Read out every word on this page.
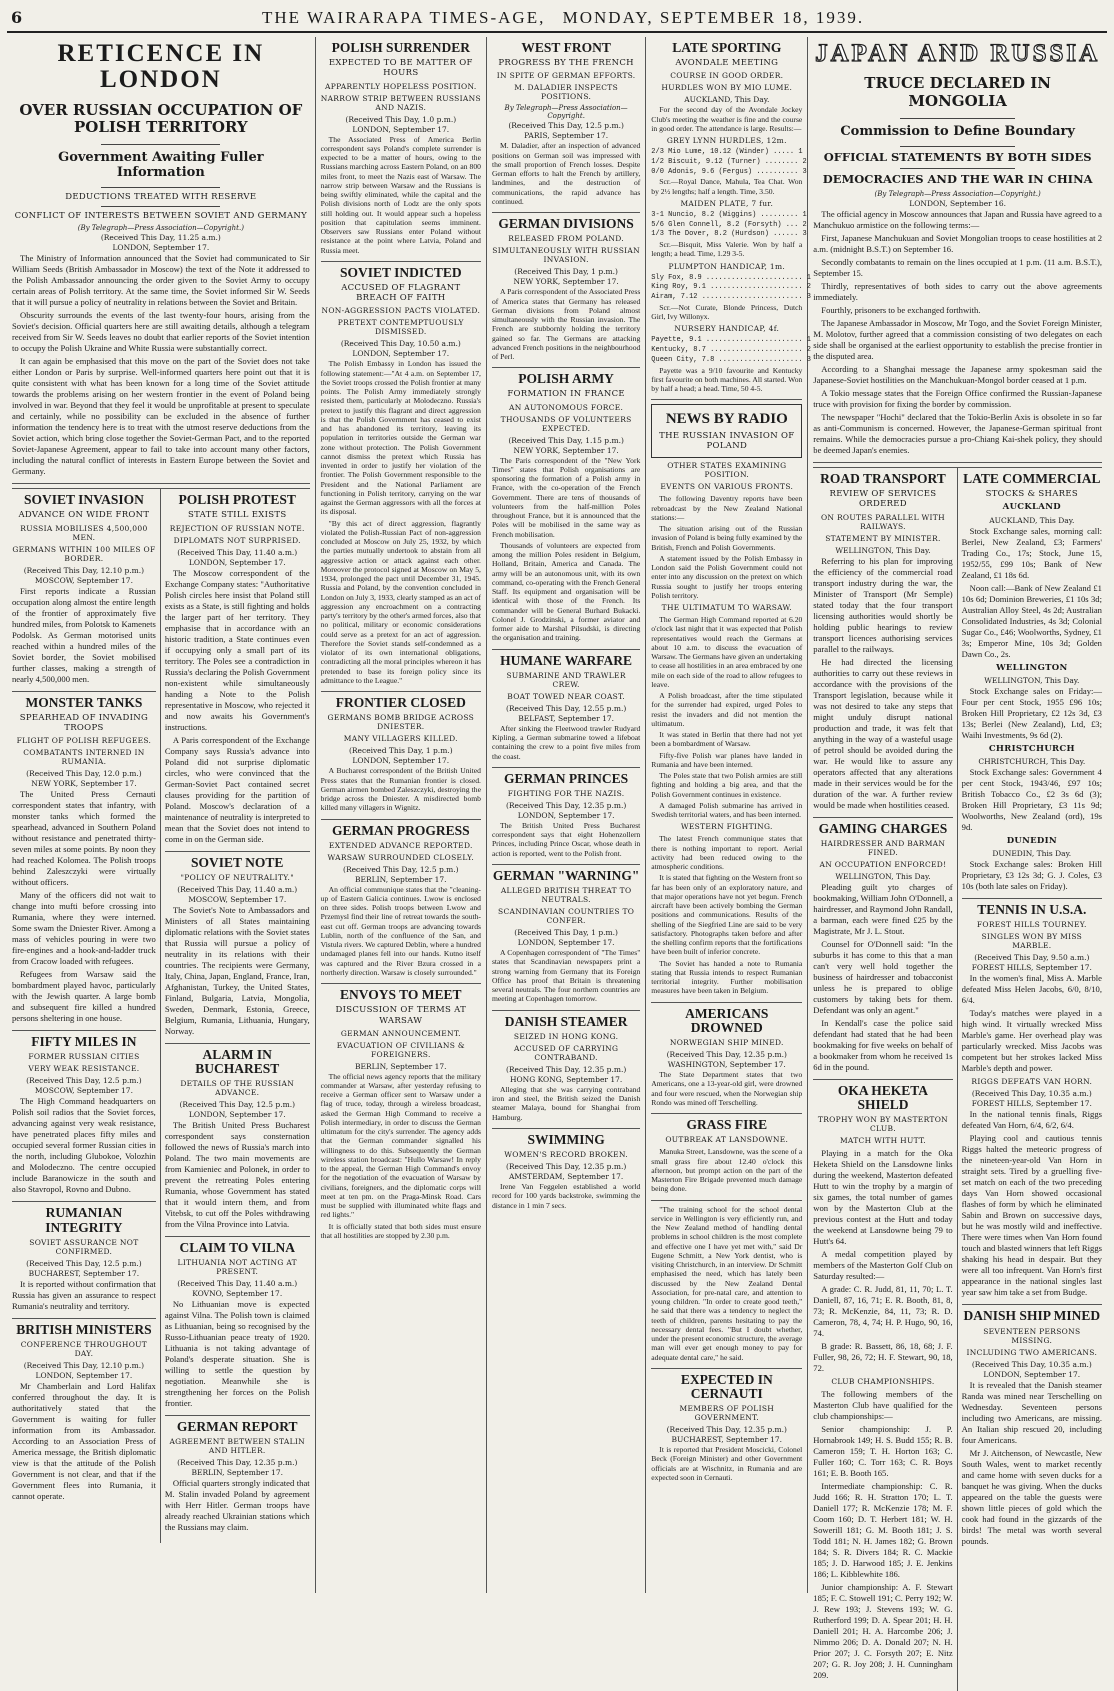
6	THE WAIRARAPA TIMES-AGE, MONDAY, SEPTEMBER 18, 1939.
RETICENCE IN LONDON
OVER RUSSIAN OCCUPATION OF POLISH TERRITORY
Government Awaiting Fuller Information
DEDUCTIONS TREATED WITH RESERVE
CONFLICT OF INTERESTS BETWEEN SOVIET AND GERMANY
(By Telegraph—Press Association—Copyright.)
(Received This Day, 11.25 a.m.)
LONDON, September 17.

The Ministry of Information announced that the Soviet had communicated to Sir William Seeds (British Ambassador in Moscow) the text of the Note it addressed to the Polish Ambassador announcing the order given to the Soviet Army to occupy certain areas of Polish territory. At the same time, the Soviet informed Sir W. Seeds that it will pursue a policy of neutrality in relations between the Soviet and Britain.

Obscurity surrounds the events of the last twenty-four hours, arising from the Soviet's decision. Official quarters here are still awaiting details, although a telegram received from Sir W. Seeds leaves no doubt that earlier reports of the Soviet intention to occupy the Polish Ukraine and White Russia were substantially correct.

It can again be emphasised that this move on the part of the Soviet does not take either London or Paris by surprise. Well-informed quarters here point out that it is quite consistent with what has been known for a long time of the Soviet attitude towards the problems arising on her western frontier in the event of Poland being involved in war. Beyond that they feel it would be unprofitable at present to speculate and certainly, while no possibility can be excluded in the absence of further information the tendency here is to treat with the utmost reserve deductions from the Soviet action, which bring close together the Soviet-German Pact, and to the reported Soviet-Japanese Agreement, appear to fail to take into account many other factors, including the natural conflict of interests in Eastern Europe between the Soviet and Germany.

SOVIET INVASION
ADVANCE ON WIDE FRONT
RUSSIA MOBILISES 4,500,000 MEN.
GERMANS WITHIN 100 MILES OF BORDER.
(Received This Day, 12.10 p.m.)
MOSCOW, September 17.

First reports indicate a Russian occupation along almost the entire length of the frontier of approximately five hundred miles, from Polotsk to Kamenets Podolsk. As German motorised units reached within a hundred miles of the Soviet border, the Soviet mobilised further classes, making a strength of nearly 4,500,000 men.

MONSTER TANKS
SPEARHEAD OF INVADING TROOPS
FLIGHT OF POLISH REFUGEES.
COMBATANTS INTERNED IN RUMANIA.
(Received This Day, 12.0 p.m.)
NEW YORK, September 17.

The United Press Cernauti correspondent states that infantry, with monster tanks which formed the spearhead, advanced in Southern Poland without resistance and penetrated thirty-seven miles at some points. By noon they had reached Kolomea. The Polish troops behind Zaleszczyki were virtually without officers.

Many of the officers did not wait to change into mufti before crossing into Rumania, where they were interned. Some swam the Dniester River. Among a mass of vehicles pouring in were two fire-engines and a hook-and-ladder truck from Cracow loaded with refugees.

Refugees from Warsaw said the bombardment played havoc, particularly with the Jewish quarter. A large bomb and subsequent fire killed a hundred persons sheltering in one house.

FIFTY MILES IN
FORMER RUSSIAN CITIES
VERY WEAK RESISTANCE.
(Received This Day, 12.5 p.m.)
MOSCOW, September 17.

The High Command headquarters on Polish soil radios that the Soviet forces, advancing against very weak resistance, have penetrated places fifty miles and occupied several former Russian cities in the north, including Glubokoe, Volozhin and Molodeczno. The centre occupied include Baranowicze in the south and also Stavropol, Rovno and Dubno.

RUMANIAN INTEGRITY
SOVIET ASSURANCE NOT CONFIRMED.
(Received This Day, 12.5 p.m.)
BUCHAREST, September 17.

It is reported without confirmation that Russia has given an assurance to respect Rumania's neutrality and territory.

BRITISH MINISTERS
CONFERENCE THROUGHOUT DAY.
(Received This Day, 12.10 p.m.)
LONDON, September 17.

Mr Chamberlain and Lord Halifax conferred throughout the day. It is authoritatively stated that the Government is waiting for fuller information from its Ambassador. According to an Association Press of America message, the British diplomatic view is that the attitude of the Polish Government is not clear, and that if the Government flees into Rumania, it cannot operate.

POLISH PROTEST
STATE STILL EXISTS
REJECTION OF RUSSIAN NOTE.
DIPLOMATS NOT SURPRISED.
(Received This Day, 11.40 a.m.)
LONDON, September 17.

The Moscow correspondent of the Exchange Company states: "Authoritative Polish circles here insist that Poland still exists as a State, is still fighting and holds the larger part of her territory. They emphasise that in accordance with an historic tradition, a State continues even if occupying only a small part of its territory. The Poles see a contradiction in Russia's declaring the Polish Government non-existent while simultaneously handing a Note to the Polish representative in Moscow, who rejected it and now awaits his Government's instructions.

A Paris correspondent of the Exchange Company says Russia's advance into Poland did not surprise diplomatic circles, who were convinced that the German-Soviet Pact contained secret clauses providing for the partition of Poland. Moscow's declaration of a maintenance of neutrality is interpreted to mean that the Soviet does not intend to come in on the German side.

SOVIET NOTE
"POLICY OF NEUTRALITY."
(Received This Day, 11.40 a.m.)
MOSCOW, September 17.

The Soviet's Note to Ambassadors and Ministers of all States maintaining diplomatic relations with the Soviet states that Russia will pursue a policy of neutrality in its relations with their countries. The recipients were Germany, Italy, China, Japan, England, France, Iran, Afghanistan, Turkey, the United States, Finland, Bulgaria, Latvia, Mongolia, Sweden, Denmark, Estonia, Greece, Belgium, Rumania, Lithuania, Hungary, Norway.

ALARM IN BUCHAREST
DETAILS OF THE RUSSIAN ADVANCE.
(Received This Day, 12.5 p.m.)
LONDON, September 17.

The British United Press Bucharest correspondent says consternation followed the news of Russia's march into Poland. The two main movements are from Kamieniec and Polonek, in order to prevent the retreating Poles entering Rumania, whose Government has stated that it would intern them, and from Vitebsk, to cut off the Poles withdrawing from the Vilna Province into Latvia.

CLAIM TO VILNA
LITHUANIA NOT ACTING AT PRESENT.
(Received This Day, 11.40 a.m.)
KOVNO, September 17.

No Lithuanian move is expected against Vilna. The Polish town is claimed as Lithuanian, being so recognised by the Russo-Lithuanian peace treaty of 1920. Lithuania is not taking advantage of Poland's desperate situation. She is willing to settle the question by negotiation. Meanwhile she is strengthening her forces on the Polish frontier.

GERMAN REPORT
AGREEMENT BETWEEN STALIN AND HITLER.
(Received This Day, 12.35 p.m.)
BERLIN, September 17.

Official quarters strongly indicated that M. Stalin invaded Poland by agreement with Herr Hitler. German troops have already reached Ukrainian stations which the Russians may claim.

POLISH SURRENDER
EXPECTED TO BE MATTER OF HOURS
APPARENTLY HOPELESS POSITION.
NARROW STRIP BETWEEN RUSSIANS AND NAZIS.
(Received This Day, 1.0 p.m.)
LONDON, September 17.

The Associated Press of America Berlin correspondent says Poland's complete surrender is expected to be a matter of hours, owing to the Russians marching across Eastern Poland, on an 800 miles front, to meet the Nazis east of Warsaw. The narrow strip between Warsaw and the Russians is being swiftly eliminated, while the capital and the Polish divisions north of Lodz are the only spots still holding out. It would appear such a hopeless position that capitulation seems imminent. Observers saw Russians enter Poland without resistance at the point where Latvia, Poland and Russia meet.

SOVIET INDICTED
ACCUSED OF FLAGRANT BREACH OF FAITH
NON-AGGRESSION PACTS VIOLATED.
PRETEXT CONTEMPTUOUSLY DISMISSED.
(Received This Day, 10.50 a.m.)
LONDON, September 17.

The Polish Embassy in London has issued the following statement:—"At 4 a.m. on September 17, the Soviet troops crossed the Polish frontier at many points. The Polish Army immediately strongly resisted them, particularly at Molodeczno. Russia's pretext to justify this flagrant and direct aggression is that the Polish Government has ceased to exist and has abandoned its territory, leaving its population in territories outside the German war zone without protection. The Polish Government cannot dismiss the pretext which Russia has invented in order to justify her violation of the frontier. The Polish Government responsible to the President and the National Parliament are functioning in Polish territory, carrying on the war against the German aggressors with all the forces at its disposal.

"By this act of direct aggression, flagrantly violated the Polish-Russian Pact of non-aggression concluded at Moscow on July 25, 1932, by which the parties mutually undertook to abstain from all aggressive action or attack against each other. Moreover the protocol signed at Moscow on May 5, 1934, prolonged the pact until December 31, 1945. Russia and Poland, by the convention concluded in London on July 3, 1933, clearly stamped as an act of aggression any encroachment on a contracting party's territory by the other's armed forces, also that no political, military or economic considerations could serve as a pretext for an act of aggression. Therefore the Soviet stands self-condemned as a violator of its own international obligations, contradicting all the moral principles whereon it has pretended to base its foreign policy since its admittance to the League."

FRONTIER CLOSED
GERMANS BOMB BRIDGE ACROSS DNIESTER.
MANY VILLAGERS KILLED.
(Received This Day, 1 p.m.)
LONDON, September 17.

A Bucharest correspondent of the British United Press states that the Rumanian frontier is closed. German airmen bombed Zaleszczyki, destroying the bridge across the Dniester. A misdirected bomb killed many villagers in Wignitz.

GERMAN PROGRESS
EXTENDED ADVANCE REPORTED.
WARSAW SURROUNDED CLOSELY.
(Received This Day, 12.5 p.m.)
BERLIN, September 17.

An official communique states that the "cleaning-up of Eastern Galicia continues. Lwow is enclosed on three sides. Polish troops between Lwow and Przemysl find their line of retreat towards the south-east cut off. German troops are advancing towards Lublin, north of the confluence of the San, and Vistula rivers. We captured Deblin, where a hundred undamaged planes fell into our hands. Kutno itself was captured and the River Bzura crossed in a northerly direction. Warsaw is closely surrounded."

ENVOYS TO MEET
DISCUSSION OF TERMS AT WARSAW
GERMAN ANNOUNCEMENT.
EVACUATION OF CIVILIANS & FOREIGNERS.
BERLIN, September 17.

The official news agency reports that the military commander at Warsaw, after yesterday refusing to receive a German officer sent to Warsaw under a flag of truce, today, through a wireless broadcast, asked the German High Command to receive a Polish intermediary, in order to discuss the German ultimatum for the city's surrender. The agency adds that the German commander signalled his willingness to do this. Subsequently the German wireless station broadcast: "Hullo Warsaw! In reply to the appeal, the German High Command's envoy for the negotiation of the evacuation of Warsaw by civilians, foreigners, and the diplomatic corps will meet at ten pm. on the Praga-Minsk Road. Cars must be supplied with illuminated white flags and red lights."

It is officially stated that both sides must ensure that all hostilities are stopped by 2.30 p.m.

WEST FRONT
PROGRESS BY THE FRENCH
IN SPITE OF GERMAN EFFORTS.
M. DALADIER INSPECTS POSITIONS.
By Telegraph—Press Association—Copyright.
(Received This Day, 12.5 p.m.)
PARIS, September 17.

M. Daladier, after an inspection of advanced positions on German soil was impressed with the small proportion of French losses. Despite German efforts to halt the French by artillery, landmines, and the destruction of communications, the rapid advance has continued.

GERMAN DIVISIONS
RELEASED FROM POLAND.
SIMULTANEOUSLY WITH RUSSIAN INVASION.
(Received This Day, 1 p.m.)
NEW YORK, September 17.

A Paris correspondent of the Associated Press of America states that Germany has released German divisions from Poland almost simultaneously with the Russian invasion. The French are stubbornly holding the territory gained so far. The Germans are attacking advanced French positions in the neighbourhood of Perl.

POLISH ARMY
FORMATION IN FRANCE
AN AUTONOMOUS FORCE.
THOUSANDS OF VOLUNTEERS EXPECTED.
(Received This Day, 1.15 p.m.)
NEW YORK, September 17.

The Paris correspondent of the "New York Times" states that Polish organisations are sponsoring the formation of a Polish army in France, with the co-operation of the French Government. There are tens of thousands of volunteers from the half-million Poles throughout France, but it is announced that the Poles will be mobilised in the same way as French mobilisation.

Thousands of volunteers are expected from among the million Poles resident in Belgium, Holland, Britain, America and Canada. The army will be an autonomous unit, with its own command, co-operating with the French General Staff. Its equipment and organisation will be identical with those of the French. Its commander will be General Burhard Bukacki. Colonel J. Grodzinski, a former aviator and former aide to Marshal Pilsudski, is directing the organisation and training.

HUMANE WARFARE
SUBMARINE AND TRAWLER CREW.
BOAT TOWED NEAR COAST.
(Received This Day, 12.55 p.m.)
BELFAST, September 17.

After sinking the Fleetwood trawler Rudyard Kipling, a German submarine towed a lifeboat containing the crew to a point five miles from the coast.

GERMAN PRINCES
FIGHTING FOR THE NAZIS.
(Received This Day, 12.35 p.m.)
LONDON, September 17.

The British United Press Bucharest correspondent says that eight Hohenzollern Princes, including Prince Oscar, whose death in action is reported, went to the Polish front.

GERMAN "WARNING"
ALLEGED BRITISH THREAT TO NEUTRALS.
SCANDINAVIAN COUNTRIES TO CONFER.
(Received This Day, 1 p.m.)
LONDON, September 17.

A Copenhagen correspondent of "The Times" states that Scandinavian newspapers print a strong warning from Germany that its Foreign Office has proof that Britain is threatening several neutrals. The four northern countries are meeting at Copenhagen tomorrow.

DANISH STEAMER
SEIZED IN HONG KONG.
ACCUSED OF CARRYING CONTRABAND.
(Received This Day, 12.35 p.m.)
HONG KONG, September 17.

Alleging that she was carrying contraband iron and steel, the British seized the Danish steamer Malaya, bound for Shanghai from Hamburg.

SWIMMING
WOMEN'S RECORD BROKEN.
(Received This Day, 12.35 p.m.)
AMSTERDAM, September 17.

Irene Van Feggelen established a world record for 100 yards backstroke, swimming the distance in 1 min 7 secs.

LATE SPORTING
AVONDALE MEETING
COURSE IN GOOD ORDER.
HURDLES WON BY MIO LUME.
AUCKLAND, This Day.

For the second day of the Avondale Jockey Club's meeting the weather is fine and the course in good order. The attendance is large. Results:—

GREY LYNN HURDLES, 12m.
2/3 Mio Lume, 10.12 (Winder) ..... 1
1/2 Biscuit, 9.12 (Turner) ........ 2
0/0 Adonis, 9.6 (Fergus) .......... 3

Scr.—Royal Dance, Mahula, Tea Chat. Won by 2½ lengths; half a length. Time, 3.50.

MAIDEN PLATE, 7 fur.
3-1 Nuncio, 8.2 (Wiggins) ......... 1
5/6 Glen Connell, 8.2 (Forsyth) ... 2
1/3 The Dover, 8.2 (Hurdson) ...... 3

Scr.—Bisquit, Miss Valerie. Won by half a length; a head. Time, 1.29 3-5.

PLUMPTON HANDICAP, 1m.
Sly Fox, 8.9 ....................... 1
King Roy, 9.1 ...................... 2
Airam, 7.12 ........................ 3

Scr.—Not Curate, Blonde Princess, Dutch Girl, Ivy Willonyx.

NURSERY HANDICAP, 4f.
Payette, 9.1 ....................... 1
Kentucky, 8.7 ...................... 2
Queen City, 7.8 .................... 3

Payette was a 9/10 favourite and Kentucky first favourite on both machines. All started. Won by half a head; a head. Time, 50 4-5.

NEWS BY RADIO
THE RUSSIAN INVASION OF POLAND
OTHER STATES EXAMINING POSITION.
EVENTS ON VARIOUS FRONTS.

The following Daventry reports have been rebroadcast by the New Zealand National stations:—

The situation arising out of the Russian invasion of Poland is being fully examined by the British, French and Polish Governments.

A statement issued by the Polish Embassy in London said the Polish Government could not enter into any discussion on the pretext on which Russia sought to justify her troops entering Polish territory.

THE ULTIMATUM TO WARSAW.

The German High Command reported at 6.20 o'clock last night that it was expected that Polish representatives would reach the Germans at about 10 a.m. to discuss the evacuation of Warsaw. The Germans have given an undertaking to cease all hostilities in an area embraced by one mile on each side of the road to allow refugees to leave.

A Polish broadcast, after the time stipulated for the surrender had expired, urged Poles to resist the invaders and did not mention the ultimatum.

It was stated in Berlin that there had not yet been a bombardment of Warsaw.

Fifty-five Polish war planes have landed in Rumania and have been interned.

The Poles state that two Polish armies are still fighting and holding a big area, and that the Polish Government continues in existence.

A damaged Polish submarine has arrived in Swedish territorial waters, and has been interned.

WESTERN FIGHTING.

The latest French communique states that there is nothing important to report. Aerial activity had been reduced owing to the atmospheric conditions.

It is stated that fighting on the Western front so far has been only of an exploratory nature, and that major operations have not yet begun. French aircraft have been actively bombing the German positions and communications. Results of the shelling of the Siegfried Line are said to be very satisfactory. Photographs taken before and after the shelling confirm reports that the fortifications have been built of inferior concrete.

The Soviet has handed a note to Rumania stating that Russia intends to respect Rumanian territorial integrity. Further mobilisation measures have been taken in Belgium.

AMERICANS DROWNED
NORWEGIAN SHIP MINED.
(Received This Day, 12.35 p.m.)
WASHINGTON, September 17.

The State Department states that two Americans, one a 13-year-old girl, were drowned and four were rescued, when the Norwegian ship Rondo was mined off Terschelling.

GRASS FIRE
OUTBREAK AT LANSDOWNE.

Manuka Street, Lansdowne, was the scene of a small grass fire about 12.40 o'clock this afternoon, but prompt action on the part of the Masterton Fire Brigade prevented much damage being done.

"The training school for the school dental service in Wellington is very efficiently run, and the New Zealand method of handling dental problems in school children is the most complete and effective one I have yet met with," said Dr Eugene Schmitt, a New York dentist, who is visiting Christchurch, in an interview. Dr Schmitt emphasised the need, which has lately been discussed by the New Zealand Dental Association, for pre-natal care, and attention to young children. "In order to create good teeth," he said that there was a tendency to neglect the teeth of children, parents hesitating to pay the necessary dental fees. "But I doubt whether, under the present economic structure, the average man will ever get enough money to pay for adequate dental care," he said.

EXPECTED IN CERNAUTI
MEMBERS OF POLISH GOVERNMENT.
(Received This Day, 12.35 p.m.)
BUCHAREST, September 17.

It is reported that President Moscicki, Colonel Beck (Foreign Minister) and other Government officials are at Wischnitz, in Rumania and are expected soon in Cernauti.

JAPAN AND RUSSIA
TRUCE DECLARED IN MONGOLIA
Commission to Define Boundary
OFFICIAL STATEMENTS BY BOTH SIDES
DEMOCRACIES AND THE WAR IN CHINA
(By Telegraph—Press Association—Copyright.)
LONDON, September 16.

The official agency in Moscow announces that Japan and Russia have agreed to a Manchukuo armistice on the following terms:—

First, Japanese Manchukuan and Soviet Mongolian troops to cease hostilities at 2 a.m. (midnight B.S.T.) on September 16.

Secondly combatants to remain on the lines occupied at 1 p.m. (11 a.m. B.S.T.), September 15.

Thirdly, representatives of both sides to carry out the above agreements immediately.

Fourthly, prisoners to be exchanged forthwith.

The Japanese Ambassador in Moscow, Mr Togo, and the Soviet Foreign Minister, M. Molotov, further agreed that a commission consisting of two delegates on each side shall be organised at the earliest opportunity to establish the precise frontier in the disputed area.

According to a Shanghai message the Japanese army spokesman said the Japanese-Soviet hostilities on the Manchukuan-Mongol border ceased at 1 p.m.

A Tokio message states that the Foreign Office confirmed the Russian-Japanese truce with provision for fixing the border by commission.

The newspaper "Hochi" declared that the Tokio-Berlin Axis is obsolete in so far as anti-Communism is concerned. However, the Japanese-German spiritual front remains. While the democracies pursue a pro-Chiang Kai-shek policy, they should be deemed Japan's enemies.

ROAD TRANSPORT
REVIEW OF SERVICES ORDERED
ON ROUTES PARALLEL WITH RAILWAYS.
STATEMENT BY MINISTER.
WELLINGTON, This Day.

Referring to his plan for improving the efficiency of the commercial road transport industry during the war, the Minister of Transport (Mr Semple) stated today that the four transport licensing authorities would shortly be holding public hearings to review transport licences authorising services parallel to the railways.

He had directed the licensing authorities to carry out these reviews in accordance with the provisions of the Transport legislation, because while it was not desired to take any steps that might unduly disrupt national production and trade, it was felt that anything in the way of a wasteful usage of petrol should be avoided during the war. He would like to assure any operators affected that any alterations made in their services would be for the duration of the war. A further review would be made when hostilities ceased.

GAMING CHARGES
HAIRDRESSER AND BARMAN FINED.
AN OCCUPATION ENFORCED!
WELLINGTON, This Day.

Pleading guilt yto charges of bookmaking, William John O'Donnell, a hairdresser, and Raymond John Randall, a barman, each were fined £25 by the Magistrate, Mr J. L. Stout.

Counsel for O'Donnell said: "In the suburbs it has come to this that a man can't very well hold together the business of hairdresser and tobacconist unless he is prepared to oblige customers by taking bets for them. Defendant was only an agent."

In Kendall's case the police said defendant had stated that he had been bookmaking for five weeks on behalf of a bookmaker from whom he received 1s 6d in the pound.

OKA HEKETA SHIELD
TROPHY WON BY MASTERTON CLUB.
MATCH WITH HUTT.

Playing in a match for the Oka Heketa Shield on the Lansdowne links during the weekend, Masterton defeated Hutt to win the trophy by a margin of six games, the total number of games won by the Masterton Club at the previous contest at the Hutt and today the weekend at Lansdowne being 79 to Hutt's 64.

A medal competition played by members of the Masterton Golf Club on Saturday resulted:—

A grade: C. R. Judd, 81, 11, 70; L. T. Daniell, 87, 16, 71; E. R. Booth, 81, 8, 73; R. McKenzie, 84, 11, 73; R. D. Cameron, 78, 4, 74; H. P. Hugo, 90, 16, 74.

B grade: R. Bassett, 86, 18, 68; J. F. Fuller, 98, 26, 72; H. F. Stewart, 90, 18, 72.

CLUB CHAMPIONSHIPS.

The following members of the Masterton Club have qualified for the club championships:—

Senior championship: J. P. Hornabrook 149; H. S. Budd 155; R. B. Cameron 159; T. H. Horton 163; C. Fuller 160; C. Torr 163; C. R. Boys 161; E. B. Booth 165.

Intermediate championship: C. R. Judd 166; R. H. Stratton 170; L. T. Daniell 177; R. McKenzie 178; M. F. Coom 160; D. T. Herbert 181; W. H. Sowerill 181; G. M. Booth 181; J. S. Todd 181; N. H. James 182; G. Brown 184; S. R. Divers 184; R. C. Mackie 185; J. D. Harwood 185; J. E. Jenkins 186; L. Kibblewhite 186.

Junior championship: A. F. Stewart 185; F. C. Stowell 191; C. Perry 192; W. J. Rew 193; J. Stevens 193; W. G. Rutherford 199; D. A. Spear 201; H. H. Daniell 201; H. A. Harcombe 206; J. Nimmo 206; D. A. Donald 207; N. H. Prior 207; J. C. Forsyth 207; E. Nitz 207; G. R. Joy 208; J. H. Cunningham 209.

LATE COMMERCIAL
STOCKS & SHARES
AUCKLAND
AUCKLAND, This Day.

Stock Exchange sales, morning call: Berlei, New Zealand, £3; Farmers' Trading Co., 17s; Stock, June 15, 1952/55, £99 10s; Bank of New Zealand, £1 18s 6d.

Noon call:—Bank of New Zealand £1 10s 6d; Dominion Breweries, £1 10s 3d; Australian Alloy Steel, 4s 2d; Australian Consolidated Industries, 4s 3d; Colonial Sugar Co., £46; Woolworths, Sydney, £1 3s; Emperor Mine, 10s 3d; Golden Dawn Co., 2s.

WELLINGTON
WELLINGTON, This Day.

Stock Exchange sales on Friday:—Four per cent Stock, 1955 £96 10s; Broken Hill Proprietary, £2 12s 3d, £3 13s; Berlei (New Zealand), Ltd, £3; Waihi Investments, 9s 6d (2).

CHRISTCHURCH
CHRISTCHURCH, This Day.

Stock Exchange sales: Government 4 per cent Stock, 1943/46, £97 10s; British Tobacco Co., £2 3s 6d (3); Broken Hill Proprietary, £3 11s 9d; Woolworths, New Zealand (ord), 19s 9d.

DUNEDIN
DUNEDIN, This Day.

Stock Exchange sales: Broken Hill Proprietary, £3 12s 3d; G. J. Coles, £3 10s (both late sales on Friday).

TENNIS IN U.S.A.
FOREST HILLS TOURNEY.
SINGLES WON BY MISS MARBLE.
(Received This Day, 9.50 a.m.)
FOREST HILLS, September 17.

In the women's final, Miss A. Marble defeated Miss Helen Jacobs, 6/0, 8/10, 6/4.

Today's matches were played in a high wind. It virtually wrecked Miss Marble's game. Her overhead play was particularly wrecked. Miss Jacobs was competent but her strokes lacked Miss Marble's depth and power.

RIGGS DEFEATS VAN HORN.
(Received This Day, 10.35 a.m.)
FOREST HILLS, September 17.

In the national tennis finals, Riggs defeated Van Horn, 6/4, 6/2, 6/4.

Playing cool and cautious tennis Riggs halted the meteoric progress of the nineteen-year-old Van Horn in straight sets. Tired by a gruelling five-set match on each of the two preceding days Van Horn showed occasional flashes of form by which he eliminated Sabin and Brown on successive days, but he was mostly wild and ineffective. There were times when Van Horn found touch and blasted winners that left Riggs shaking his head in despair. But they were all too infrequent. Van Horn's first appearance in the national singles last year saw him take a set from Budge.

DANISH SHIP MINED
SEVENTEEN PERSONS MISSING.
INCLUDING TWO AMERICANS.
(Received This Day, 10.35 a.m.)
LONDON, September 17.

It is revealed that the Danish steamer Randa was mined near Terschelling on Wednesday. Seventeen persons including two Americans, are missing. An Italian ship rescued 20, including four Americans.

Mr J. Aitchenson, of Newcastle, New South Wales, went to market recently and came home with seven ducks for a banquet he was giving. When the ducks appeared on the table the guests were shown little pieces of gold which the cook had found in the gizzards of the birds! The metal was worth several pounds.
